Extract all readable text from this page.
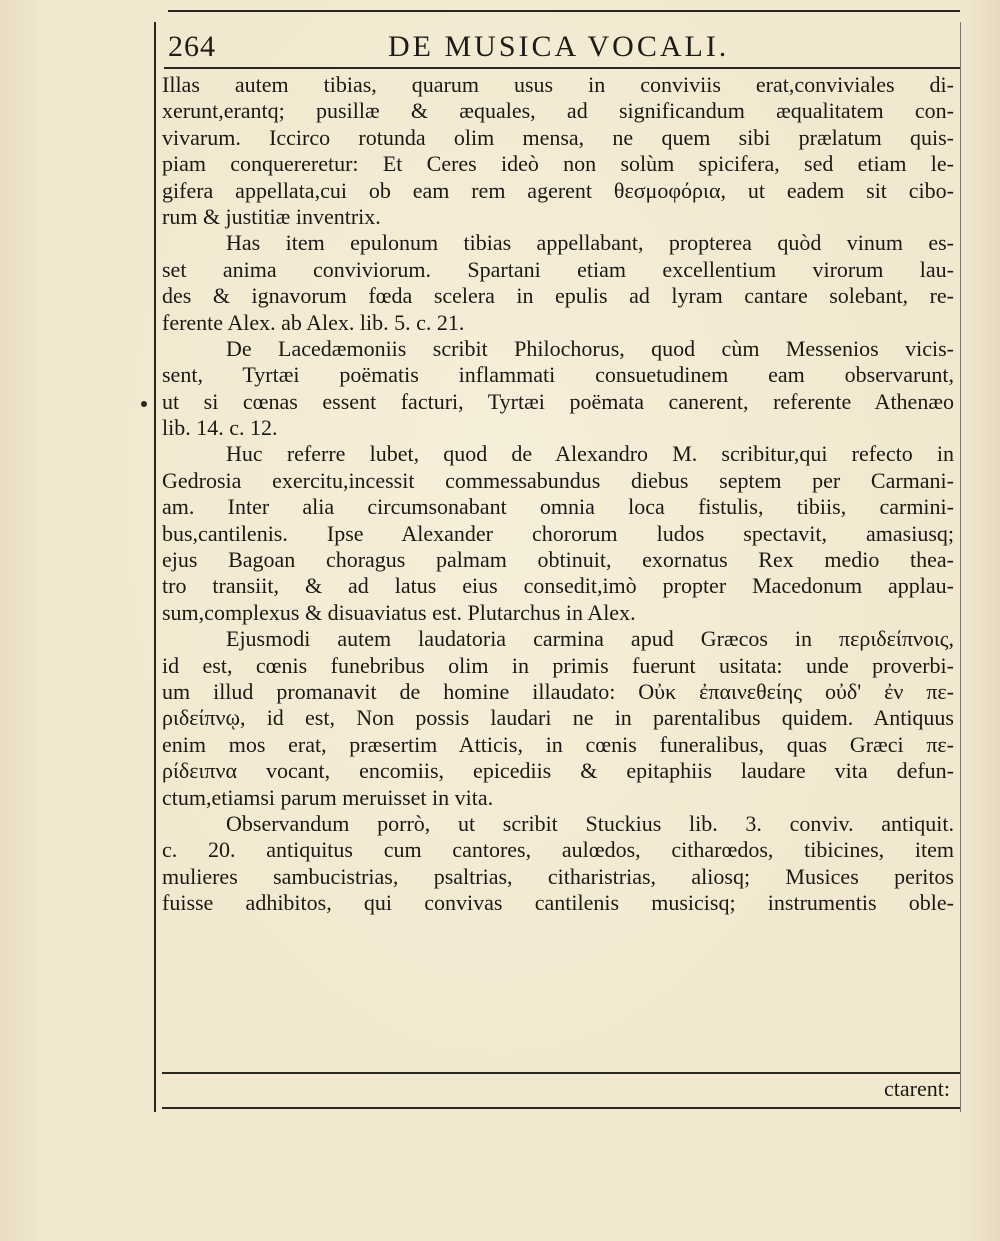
264	DE MUSICA VOCALI.
Illas autem tibias, quarum usus in conviviis erat,conviviales di-
xerunt,erantq; pusillæ & æquales, ad significandum æqualitatem con-
vivarum. Iccirco rotunda olim mensa, ne quem sibi prælatum quis-
piam conquereretur: Et Ceres ideò non solùm spicifera, sed etiam le-
gifera appellata,cui ob eam rem agerent θεσμοφόρια, ut eadem sit cibo-
rum & justitiæ inventrix.
Has item epulonum tibias appellabant, propterea quòd vinum es-
set anima conviviorum. Spartani etiam excellentium virorum lau-
des & ignavorum fœda scelera in epulis ad lyram cantare solebant, re-
ferente Alex. ab Alex. lib. 5. c. 21.
De Lacedæmoniis scribit Philochorus, quod cùm Messenios vicis-
sent, Tyrtæi poëmatis inflammati consuetudinem eam observarunt,
ut si cœnas essent facturi, Tyrtæi poëmata canerent, referente Athenæo
lib. 14. c. 12.
Huc referre lubet, quod de Alexandro M. scribitur,qui refecto in
Gedrosia exercitu,incessit commessabundus diebus septem per Carmani-
am. Inter alia circumsonabant omnia loca fistulis, tibiis, carmini-
bus,cantilenis. Ipse Alexander chororum ludos spectavit, amasiusq;
ejus Bagoan choragus palmam obtinuit, exornatus Rex medio thea-
tro transiit, & ad latus eius consedit,imò propter Macedonum applau-
sum,complexus & disuaviatus est. Plutarchus in Alex.
Ejusmodi autem laudatoria carmina apud Græcos in περιδείπνοις,
id est, cœnis funebribus olim in primis fuerunt usitata: unde proverbi-
um illud promanavit de homine illaudato: Οὐκ ἐπαινεθείης οὐδ' ἐν πε-
ριδείπνῳ, id est, Non possis laudari ne in parentalibus quidem. Antiquus
enim mos erat, præsertim Atticis, in cœnis funeralibus, quas Græci πε-
ρίδειπνα vocant, encomiis, epicediis & epitaphiis laudare vita defun-
ctum,etiamsi parum meruisset in vita.
Observandum porrò, ut scribit Stuckius lib. 3. conviv. antiquit.
c. 20. antiquitus cum cantores, aulœdos, citharœdos, tibicines, item
mulieres sambucistrias, psaltrias, citharistrias, aliosq; Musices peritos
fuisse adhibitos, qui convivas cantilenis musicisq; instrumentis oble-
ctarent:
